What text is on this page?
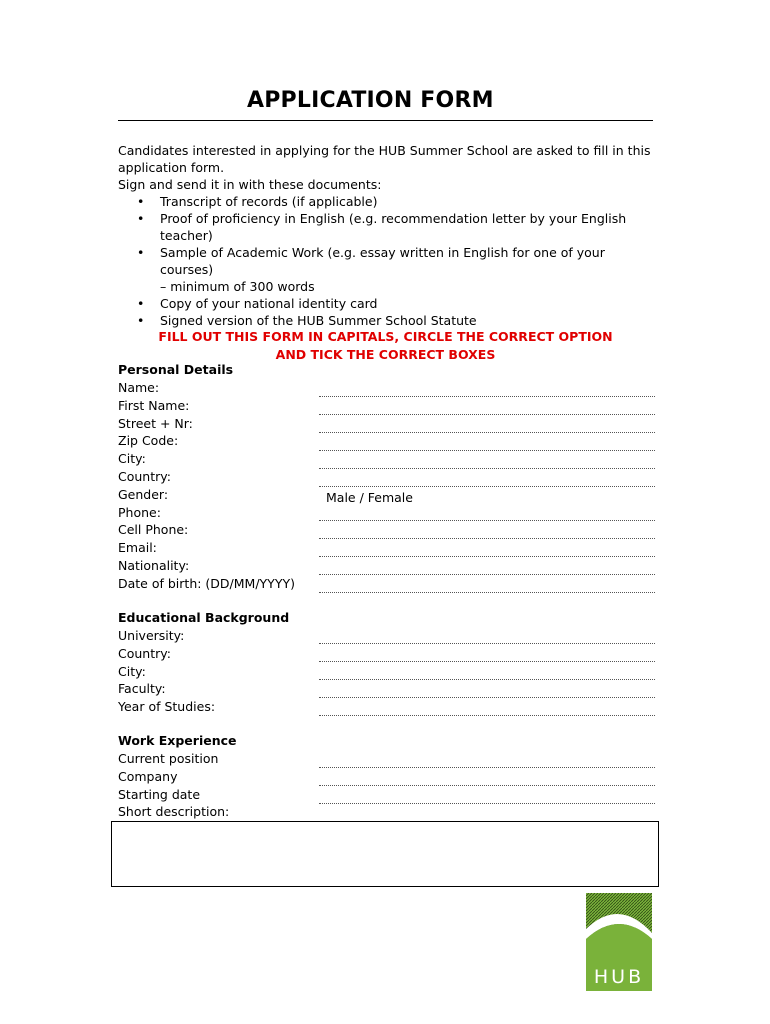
APPLICATION FORM

Candidates interested in applying for the HUB Summer School are asked to fill in this

application form.

Sign and send it in with these documents:

• Transcript of records (if applicable)
• Proof of proficiency in English (e.g. recommendation letter by your English
teacher)
• Sample of Academic Work (e.g. essay written in English for one of your courses)
– minimum of 300 words
• Copy of your national identity card
• Signed version of the HUB Summer School Statute
FILL OUT THIS FORM IN CAPITALS, CIRCLE THE CORRECT OPTION
AND TICK THE CORRECT BOXES
Personal Details
Name:
First Name:
Street + Nr:
Zip Code:
City:
Country:
Gender:
Phone:
Cell Phone:
Email:
Nationality:
Date of birth: (DD/MM/YYYY)
Male / Female
Educational Background
University:
Country:
City:
Faculty:
Year of Studies:
Work Experience
Current position
Company
Starting date
Short description:
HUB
